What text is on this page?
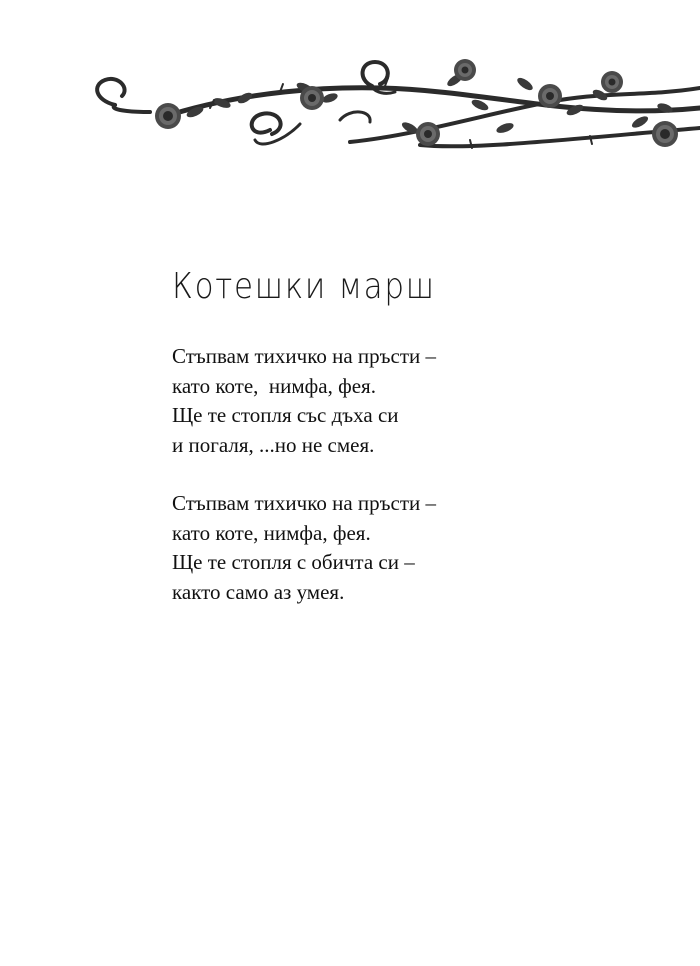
Котешки марш

Стъпвам тихичко на пръсти –
като коте,  нимфа, фея.
Ще те стопля със дъха си
и погаля, ...но не смея.

Стъпвам тихичко на пръсти –
като коте, нимфа, фея.
Ще те стопля с обичта си –
както само аз умея.
